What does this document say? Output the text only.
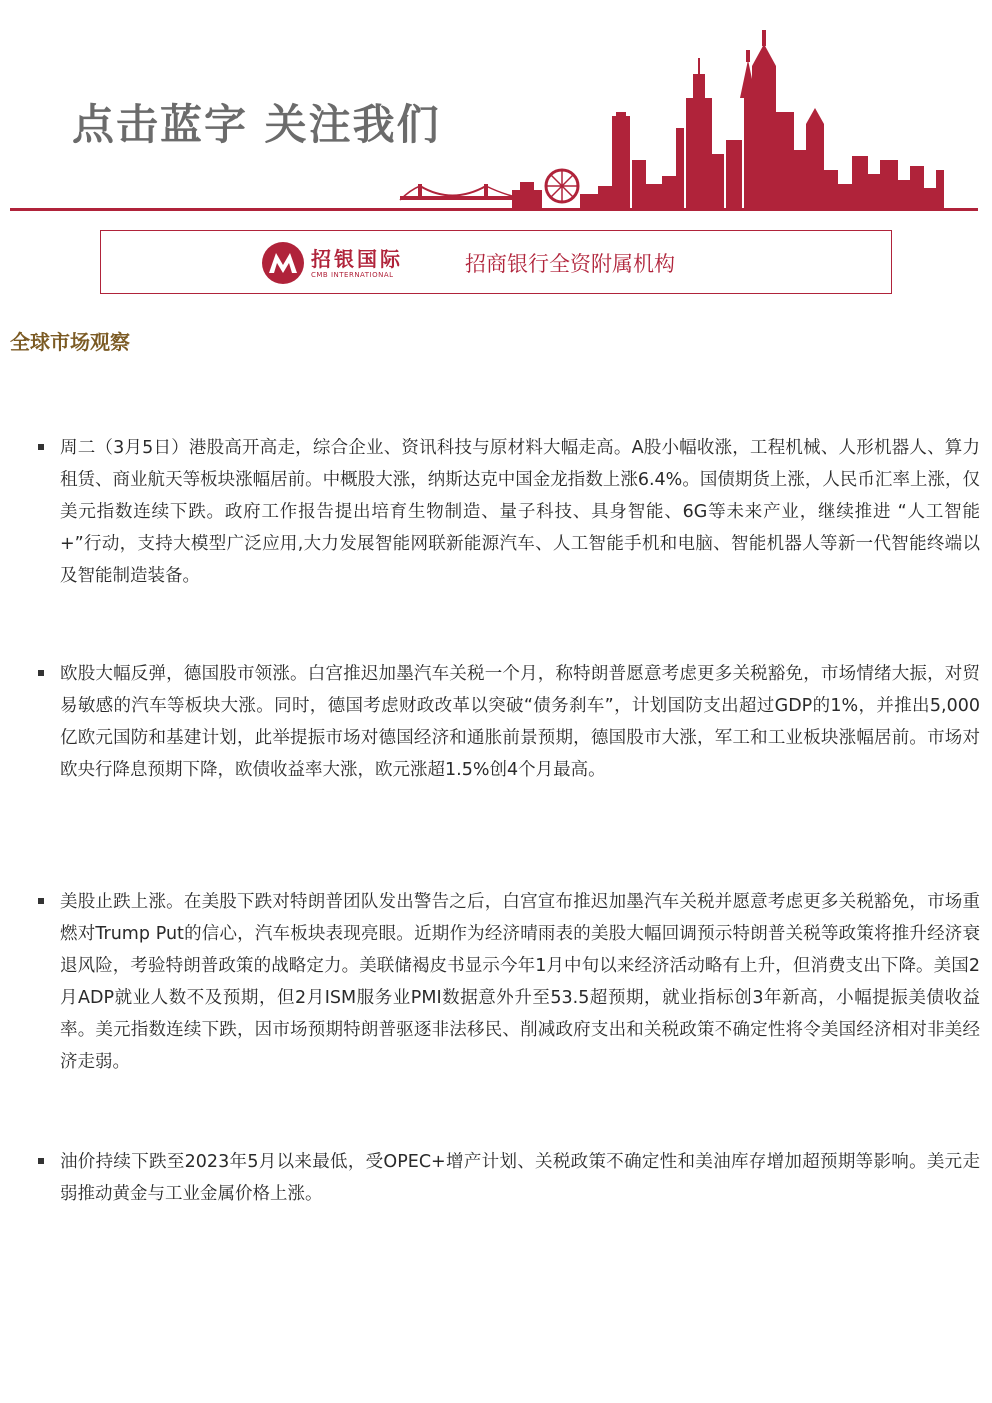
点击蓝字 关注我们
招银国际
CMB INTERNATIONAL	招商银行全资附属机构
全球市场观察

周二（3月5日）港股高开高走，综合企业、资讯科技与原材料大幅走高。A股小幅收涨，工程机械、人形机器人、算力租赁、商业航天等板块涨幅居前。中概股大涨，纳斯达克中国金龙指数上涨6.4%。国债期货上涨，人民币汇率上涨，仅美元指数连续下跌。政府工作报告提出培育生物制造、量子科技、具身智能、6G等未来产业，继续推进 “人工智能+”行动，支持大模型广泛应用,大力发展智能网联新能源汽车、人工智能手机和电脑、智能机器人等新一代智能终端以及智能制造装备。

欧股大幅反弹，德国股市领涨。白宫推迟加墨汽车关税一个月，称特朗普愿意考虑更多关税豁免，市场情绪大振，对贸易敏感的汽车等板块大涨。同时，德国考虑财政改革以突破“债务刹车”，计划国防支出超过GDP的1%，并推出5,000亿欧元国防和基建计划，此举提振市场对德国经济和通胀前景预期，德国股市大涨，军工和工业板块涨幅居前。市场对欧央行降息预期下降，欧债收益率大涨，欧元涨超1.5%创4个月最高。

美股止跌上涨。在美股下跌对特朗普团队发出警告之后，白宫宣布推迟加墨汽车关税并愿意考虑更多关税豁免，市场重燃对Trump Put的信心，汽车板块表现亮眼。近期作为经济晴雨表的美股大幅回调预示特朗普关税等政策将推升经济衰退风险，考验特朗普政策的战略定力。美联储褐皮书显示今年1月中旬以来经济活动略有上升，但消费支出下降。美国2月ADP就业人数不及预期，但2月ISM服务业PMI数据意外升至53.5超预期，就业指标创3年新高，小幅提振美债收益率。美元指数连续下跌，因市场预期特朗普驱逐非法移民、削减政府支出和关税政策不确定性将令美国经济相对非美经济走弱。

油价持续下跌至2023年5月以来最低，受OPEC+增产计划、关税政策不确定性和美油库存增加超预期等影响。美元走弱推动黄金与工业金属价格上涨。
